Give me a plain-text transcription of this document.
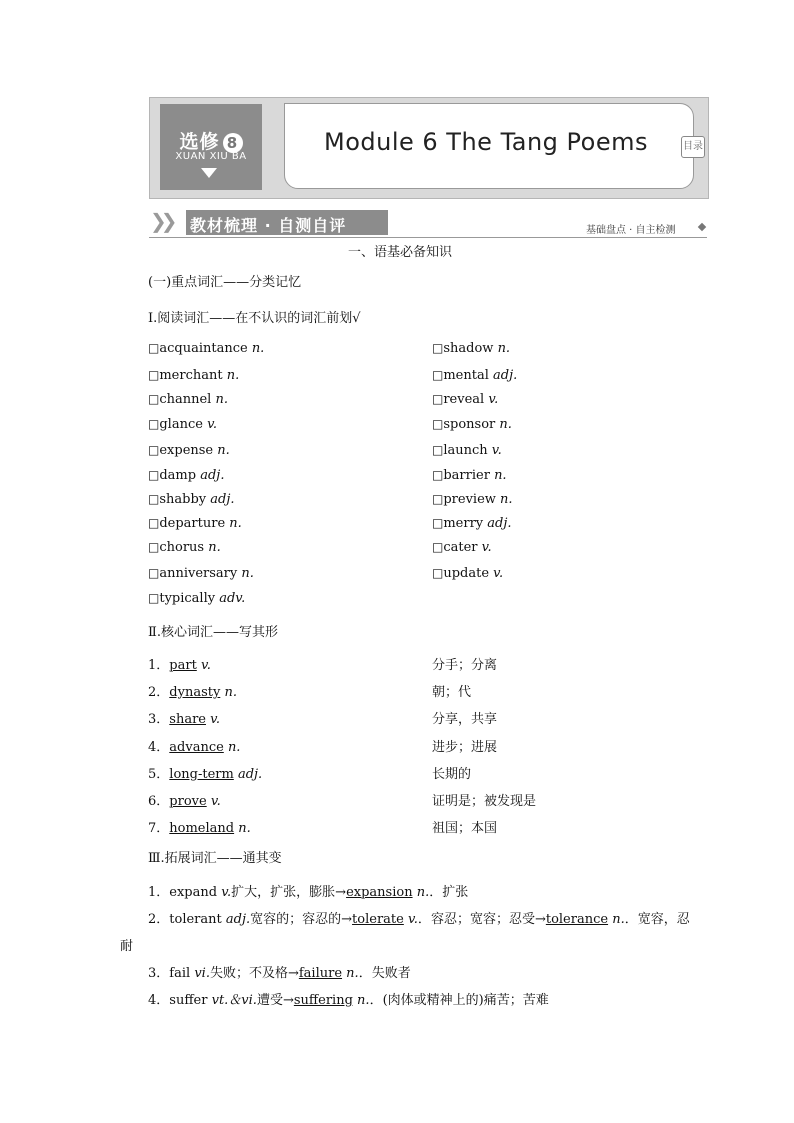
选修 8
XUAN XIU BA
Module 6 The Tang Poems	目录
❯❯ 教材梳理 · 自测自评	基础盘点 · 自主检测
一、语基必备知识
(一)重点词汇——分类记忆
Ⅰ.阅读词汇——在不认识的词汇前划√
□acquaintance n.	□shadow n.
□merchant n.	□mental adj.
□channel n.	□reveal v.
□glance v.	□sponsor n.
□expense n.	□launch v.
□damp adj.	□barrier n.
□shabby adj.	□preview n.
□departure n.	□merry adj.
□chorus n.	□cater v.
□anniversary n.	□update v.
□typically adv.
Ⅱ.核心词汇——写其形
1．part v.	分手；分离
2．dynasty n.	朝；代
3．share v.	分享，共享
4．advance n.	进步；进展
5．long-term adj.	长期的
6．prove v.	证明是；被发现是
7．homeland n.	祖国；本国
Ⅲ.拓展词汇——通其变
1．expand v.扩大，扩张，膨胀→expansion n.．扩张
2．tolerant adj.宽容的；容忍的→tolerate v.．容忍；宽容；忍受→tolerance n.．宽容，忍
耐
3．fail vi.失败；不及格→failure n.．失败者
4．suffer vt.＆vi.遭受→suffering n.．(肉体或精神上的)痛苦；苦难
